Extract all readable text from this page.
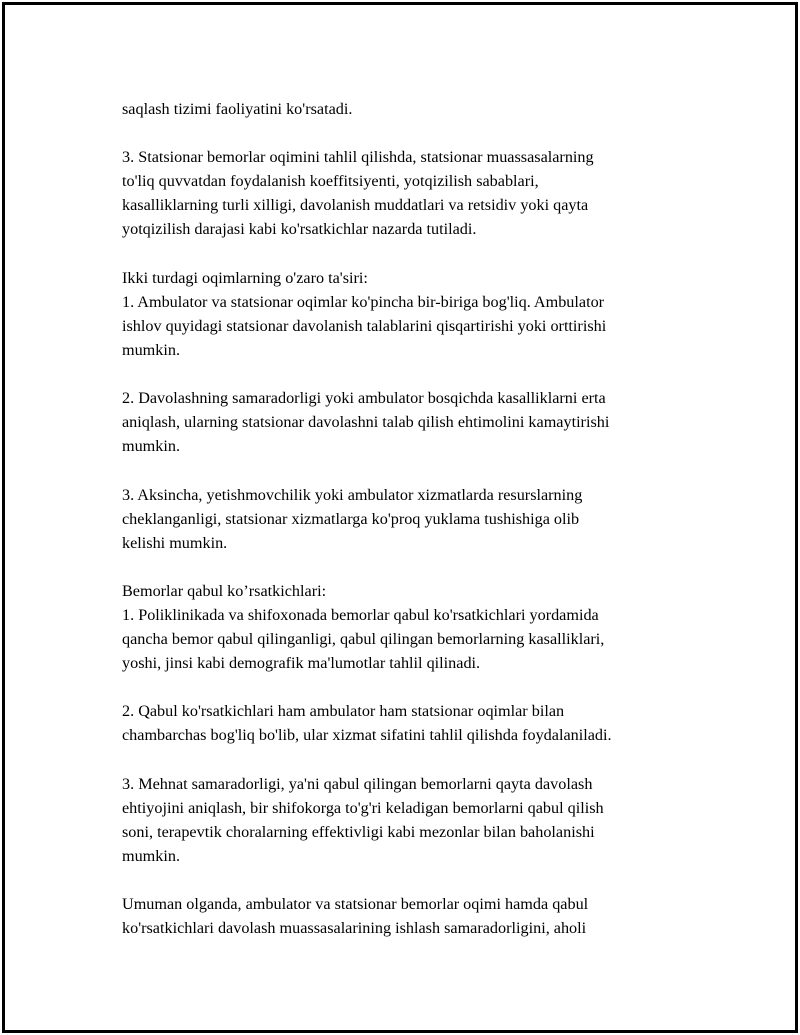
saqlash tizimi faoliyatini ko'rsatadi.

3. Statsionar bemorlar oqimini tahlil qilishda, statsionar muassasalarning
to'liq quvvatdan foydalanish koeffitsiyenti, yotqizilish sabablari,
kasalliklarning turli xilligi, davolanish muddatlari va retsidiv yoki qayta
yotqizilish darajasi kabi ko'rsatkichlar nazarda tutiladi.

Ikki turdagi oqimlarning o'zaro ta'siri:

1. Ambulator va statsionar oqimlar ko'pincha bir-biriga bog'liq. Ambulator
ishlov quyidagi statsionar davolanish talablarini qisqartirishi yoki orttirishi
mumkin.

2. Davolashning samaradorligi yoki ambulator bosqichda kasalliklarni erta
aniqlash, ularning statsionar davolashni talab qilish ehtimolini kamaytirishi
mumkin.

3. Aksincha, yetishmovchilik yoki ambulator xizmatlarda resurslarning
cheklanganligi, statsionar xizmatlarga ko'proq yuklama tushishiga olib
kelishi mumkin.

Bemorlar qabul ko’rsatkichlari:

1. Poliklinikada va shifoxonada bemorlar qabul ko'rsatkichlari yordamida
qancha bemor qabul qilinganligi, qabul qilingan bemorlarning kasalliklari,
yoshi, jinsi kabi demografik ma'lumotlar tahlil qilinadi.

2. Qabul ko'rsatkichlari ham ambulator ham statsionar oqimlar bilan
chambarchas bog'liq bo'lib, ular xizmat sifatini tahlil qilishda foydalaniladi.

3. Mehnat samaradorligi, ya'ni qabul qilingan bemorlarni qayta davolash
ehtiyojini aniqlash, bir shifokorga to'g'ri keladigan bemorlarni qabul qilish
soni, terapevtik choralarning effektivligi kabi mezonlar bilan baholanishi
mumkin.

Umuman olganda, ambulator va statsionar bemorlar oqimi hamda qabul
ko'rsatkichlari davolash muassasalarining ishlash samaradorligini, aholi
